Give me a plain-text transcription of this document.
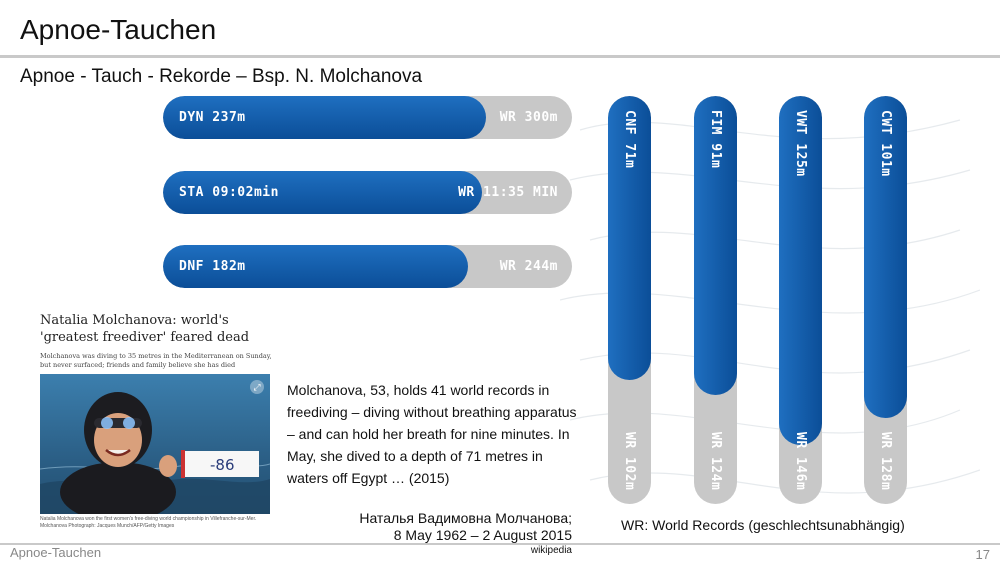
Apnoe-Tauchen
Apnoe - Tauch - Rekorde – Bsp. N. Molchanova
DYN 237m	WR 300m
STA 09:02min	WR 11:35 MIN
DNF 182m	WR 244m
CNF 71m
WR 102m
FIM 91m
WR 124m
VWT 125m
WR 146m
CWT 101m
WR 128m
Natalia Molchanova: world's 'greatest freediver' feared dead
Molchanova was diving to 35 metres in the Mediterranean on Sunday, but never surfaced; friends and family believe she has died
-86
⤢
Natalia Molchanova won the first women's free-diving world championship in Villefranche-sur-Mer. Molchanova Photograph: Jacques Munch/AFP/Getty Images
Molchanova, 53, holds 41 world records in freediving – diving without breathing apparatus – and can hold her breath for nine minutes. In May, she dived to a depth of 71 metres in waters off Egypt … (2015)
Наталья Вадимовна Молчанова;
8 May 1962 – 2 August 2015
wikipedia
WR: World Records (geschlechtsunabhängig)
Apnoe-Tauchen	17
